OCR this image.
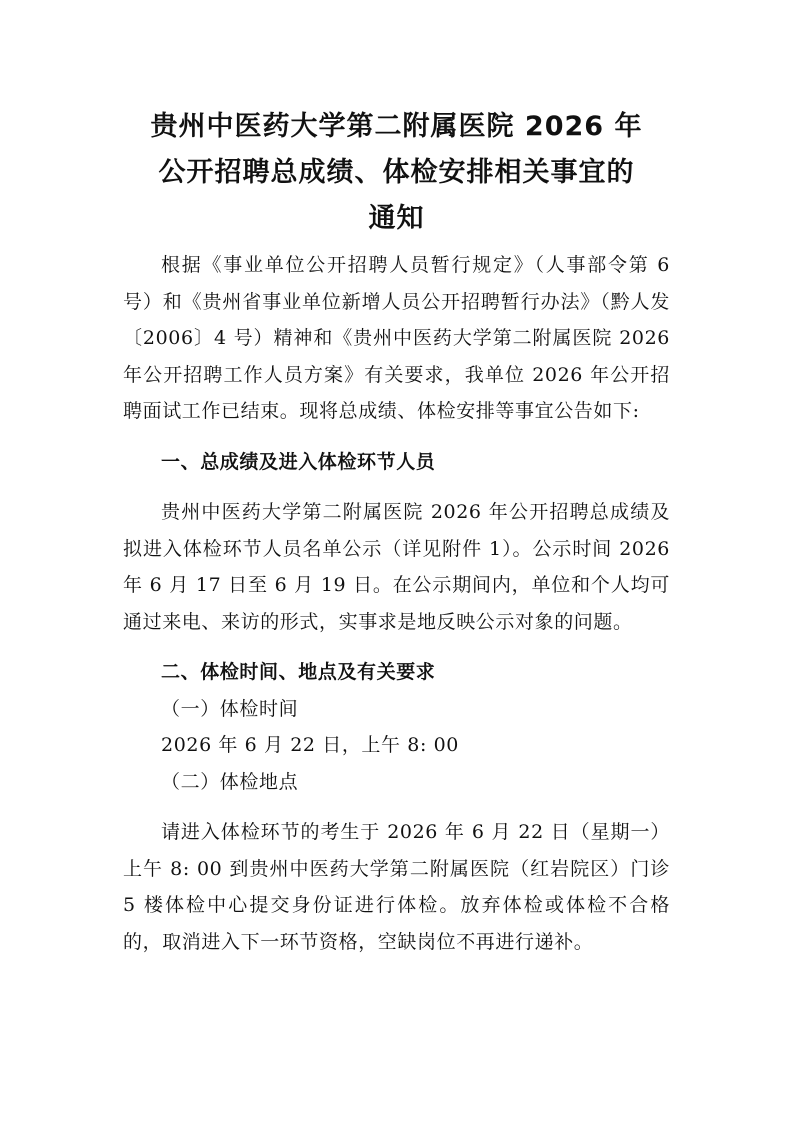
贵州中医药大学第二附属医院 2026 年
公开招聘总成绩、体检安排相关事宜的
通知

根据《事业单位公开招聘人员暂行规定》（人事部令第 6 号）和《贵州省事业单位新增人员公开招聘暂行办法》（黔人发〔2006〕4 号）精神和《贵州中医药大学第二附属医院 2026 年公开招聘工作人员方案》有关要求，我单位 2026 年公开招聘面试工作已结束。现将总成绩、体检安排等事宜公告如下:

一、总成绩及进入体检环节人员

贵州中医药大学第二附属医院 2026 年公开招聘总成绩及拟进入体检环节人员名单公示（详见附件 1）。公示时间 2026 年 6 月 17 日至 6 月 19 日。在公示期间内，单位和个人均可通过来电、来访的形式，实事求是地反映公示对象的问题。

二、体检时间、地点及有关要求

（一）体检时间

2026 年 6 月 22 日，上午 8: 00

（二）体检地点

请进入体检环节的考生于 2026 年 6 月 22 日（星期一）上午 8: 00 到贵州中医药大学第二附属医院（红岩院区）门诊 5 楼体检中心提交身份证进行体检。放弃体检或体检不合格的，取消进入下一环节资格，空缺岗位不再进行递补。
